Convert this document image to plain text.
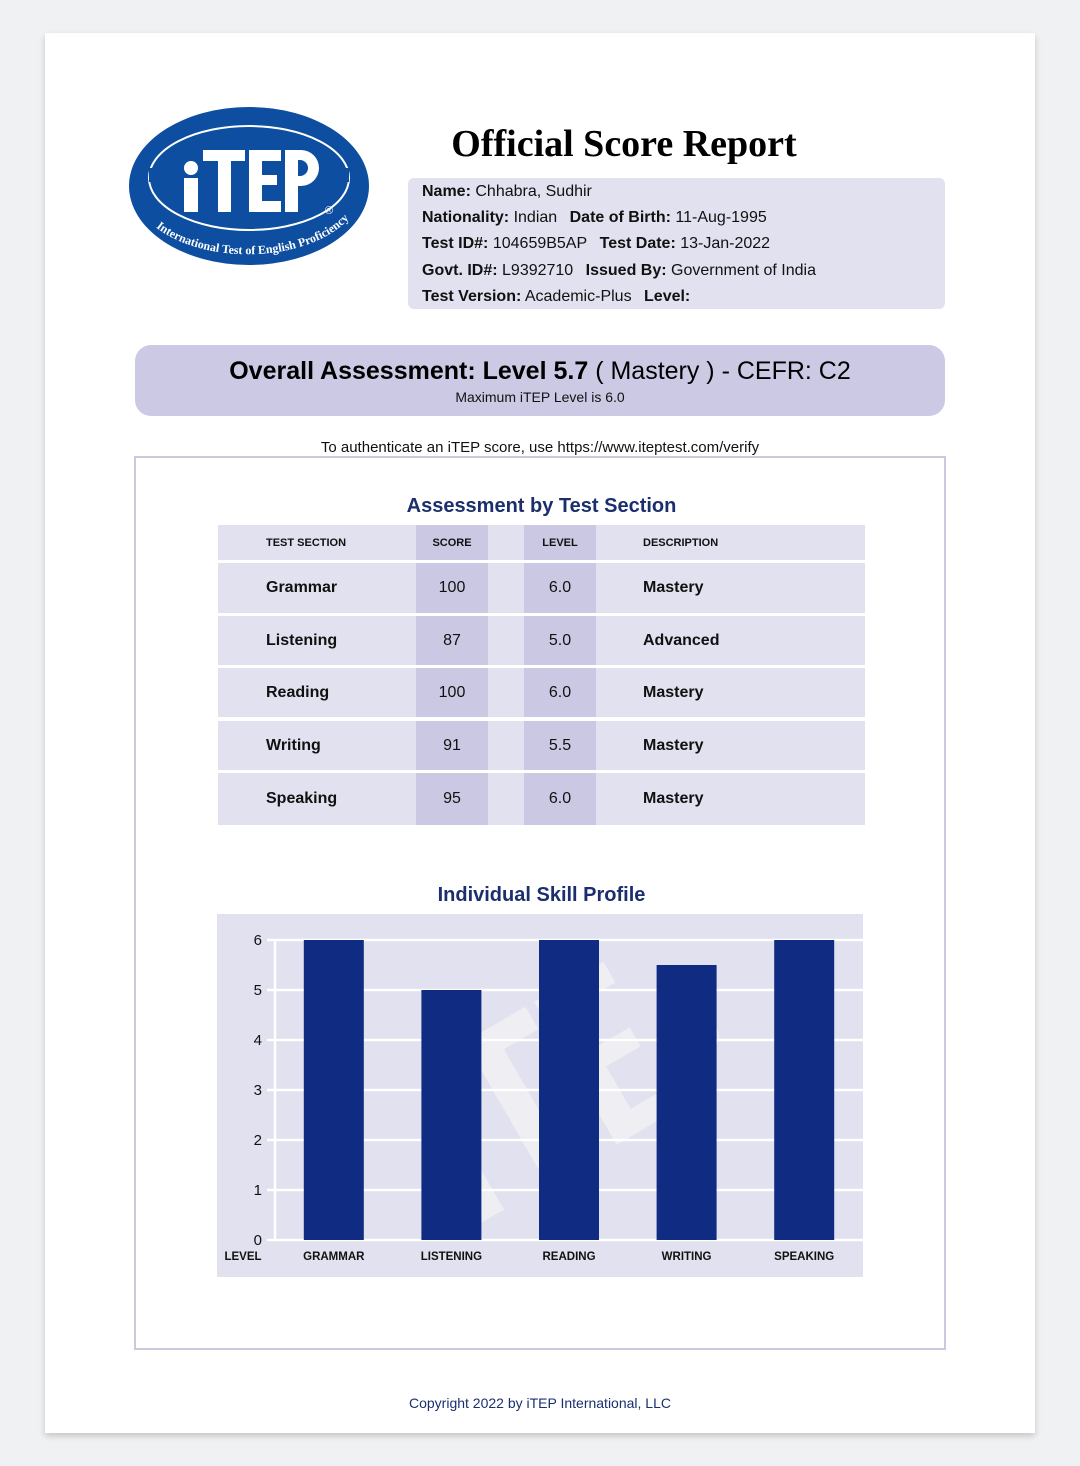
®
International Test of English Proficiency
Official Score Report
Name: Chhabra, Sudhir
Nationality: Indian Date of Birth: 11-Aug-1995
Test ID#: 104659B5AP Test Date: 13-Jan-2022
Govt. ID#: L9392710 Issued By: Government of India
Test Version: Academic-Plus Level:
Overall Assessment: Level 5.7 ( Mastery ) - CEFR: C2
Maximum iTEP Level is 6.0
To authenticate an iTEP score, use https://www.iteptest.com/verify
Assessment by Test Section
TEST SECTION	SCORE	LEVEL	DESCRIPTION
Grammar	100	6.0	Mastery
Listening	87	5.0	Advanced
Reading	100	6.0	Mastery
Writing	91	5.5	Mastery
Speaking	95	6.0	Mastery
Individual Skill Profile
0
1
2
3
4
5
6
GRAMMAR	LISTENING	READING	WRITING	SPEAKING
LEVEL
Copyright 2022 by iTEP International, LLC
